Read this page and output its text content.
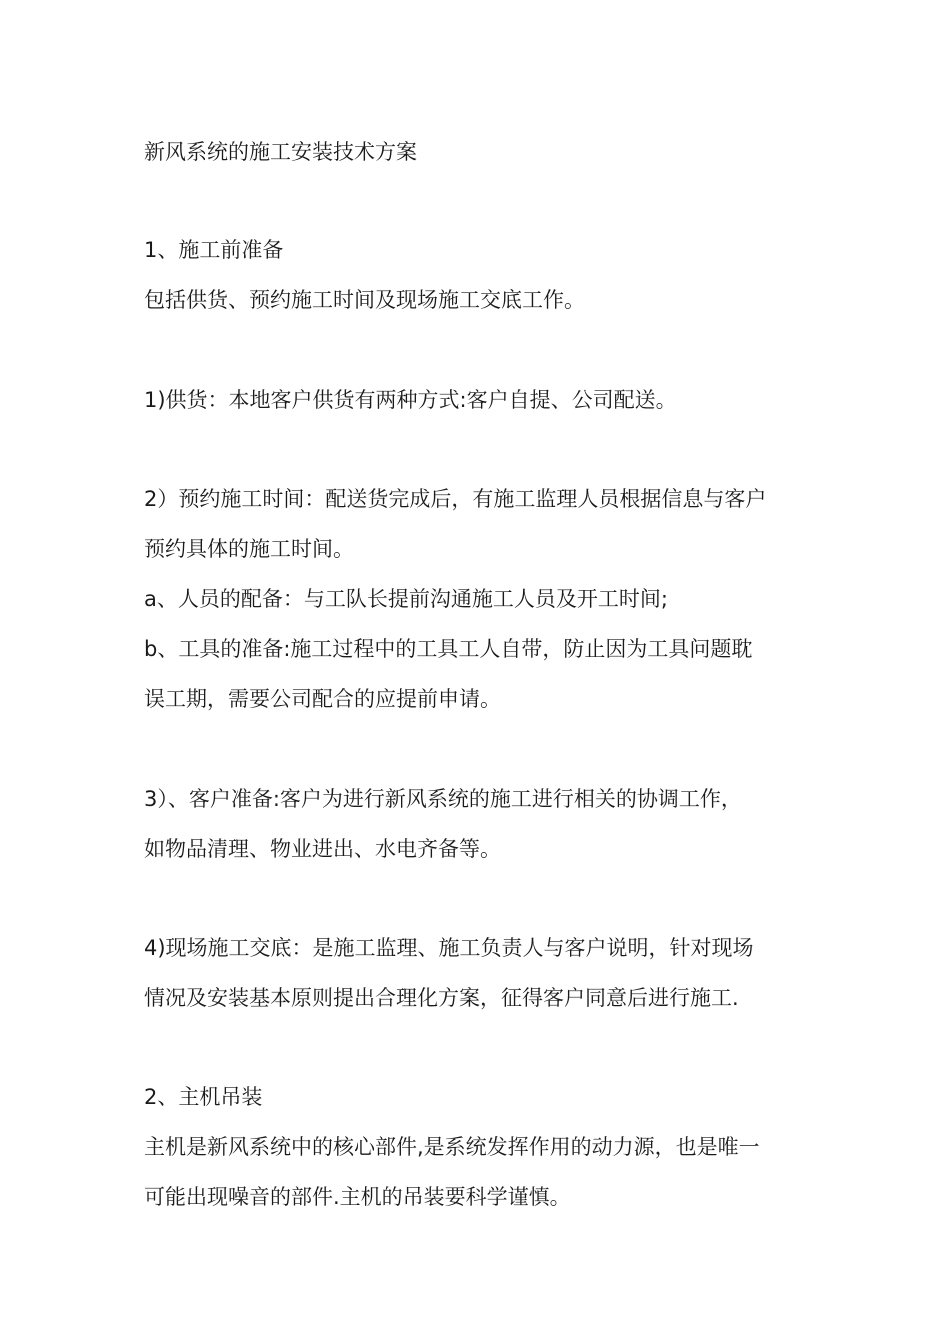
新风系统的施工安装技术方案

1、施工前准备

包括供货、预约施工时间及现场施工交底工作。

1)供货：本地客户供货有两种方式:客户自提、公司配送。

2）预约施工时间：配送货完成后，有施工监理人员根据信息与客户

预约具体的施工时间。

a、人员的配备：与工队长提前沟通施工人员及开工时间;

b、工具的准备:施工过程中的工具工人自带，防止因为工具问题耽

误工期，需要公司配合的应提前申请。

3）、客户准备:客户为进行新风系统的施工进行相关的协调工作，

如物品清理、物业进出、水电齐备等。

4)现场施工交底：是施工监理、施工负责人与客户说明，针对现场

情况及安装基本原则提出合理化方案，征得客户同意后进行施工.

2、主机吊装

主机是新风系统中的核心部件,是系统发挥作用的动力源，也是唯一

可能出现噪音的部件.主机的吊装要科学谨慎。
